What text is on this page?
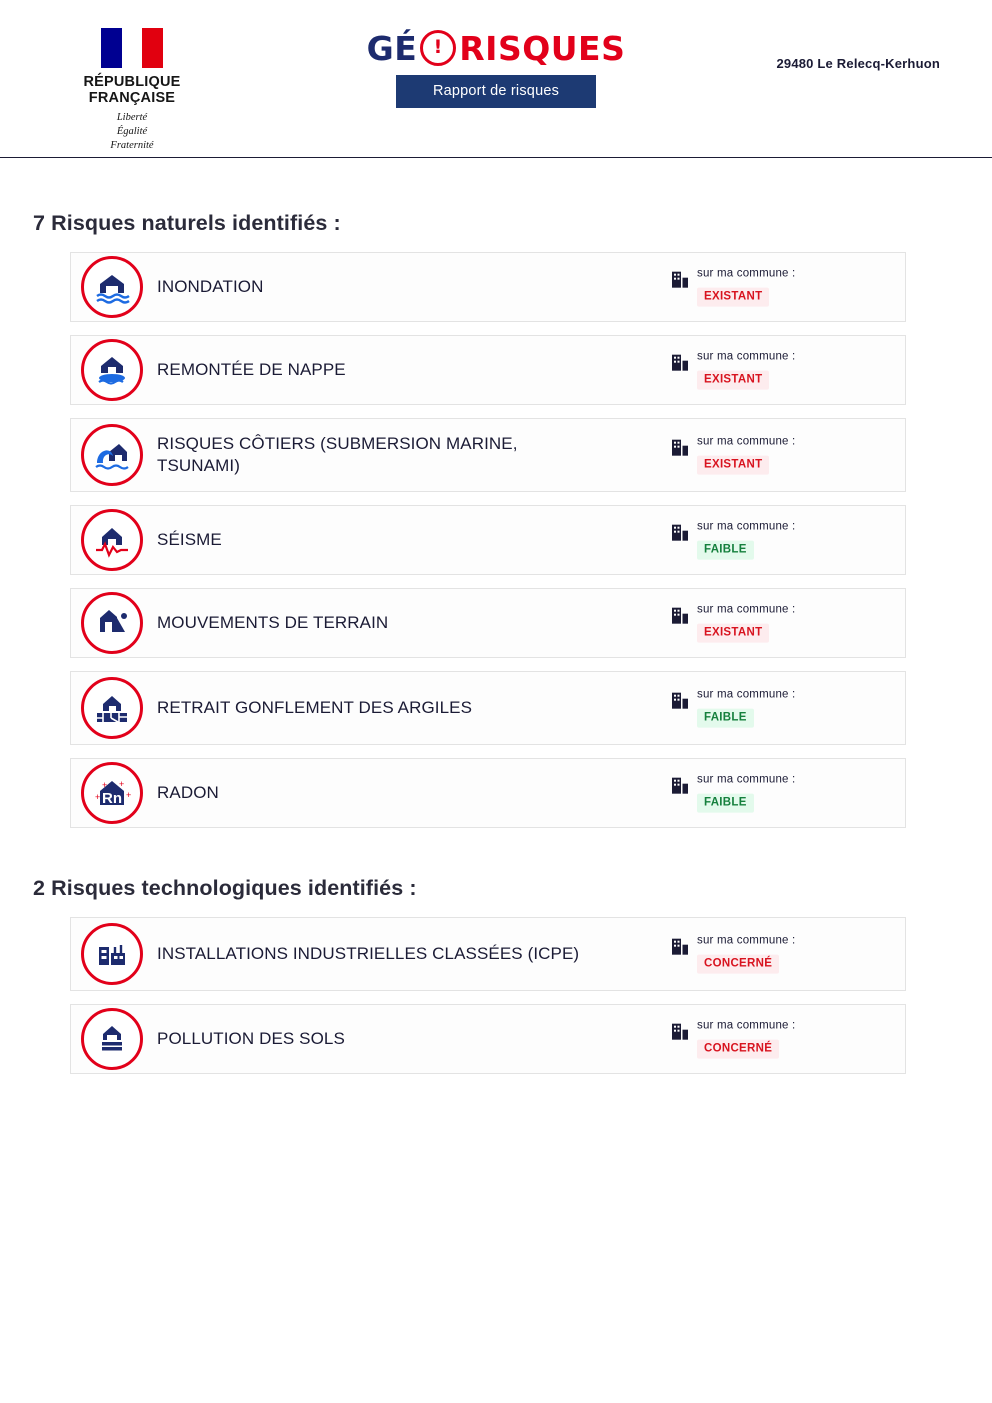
RÉPUBLIQUE
FRANÇAISE
Liberté
Égalité
Fraternité
GÉ ! RISQUES
Rapport de risques
29480 Le Relecq-Kerhuon
7 Risques naturels identifiés :
INONDATION
sur ma commune :
EXISTANT
REMONTÉE DE NAPPE
sur ma commune :
EXISTANT
RISQUES CÔTIERS (SUBMERSION MARINE, TSUNAMI)
sur ma commune :
EXISTANT
SÉISME
sur ma commune :
FAIBLE
MOUVEMENTS DE TERRAIN
sur ma commune :
EXISTANT
RETRAIT GONFLEMENT DES ARGILES
sur ma commune :
FAIBLE
Rn
+ +
+
+	RADON
sur ma commune :
FAIBLE
2 Risques technologiques identifiés :
INSTALLATIONS INDUSTRIELLES CLASSÉES (ICPE)
sur ma commune :
CONCERNÉ
POLLUTION DES SOLS
sur ma commune :
CONCERNÉ
